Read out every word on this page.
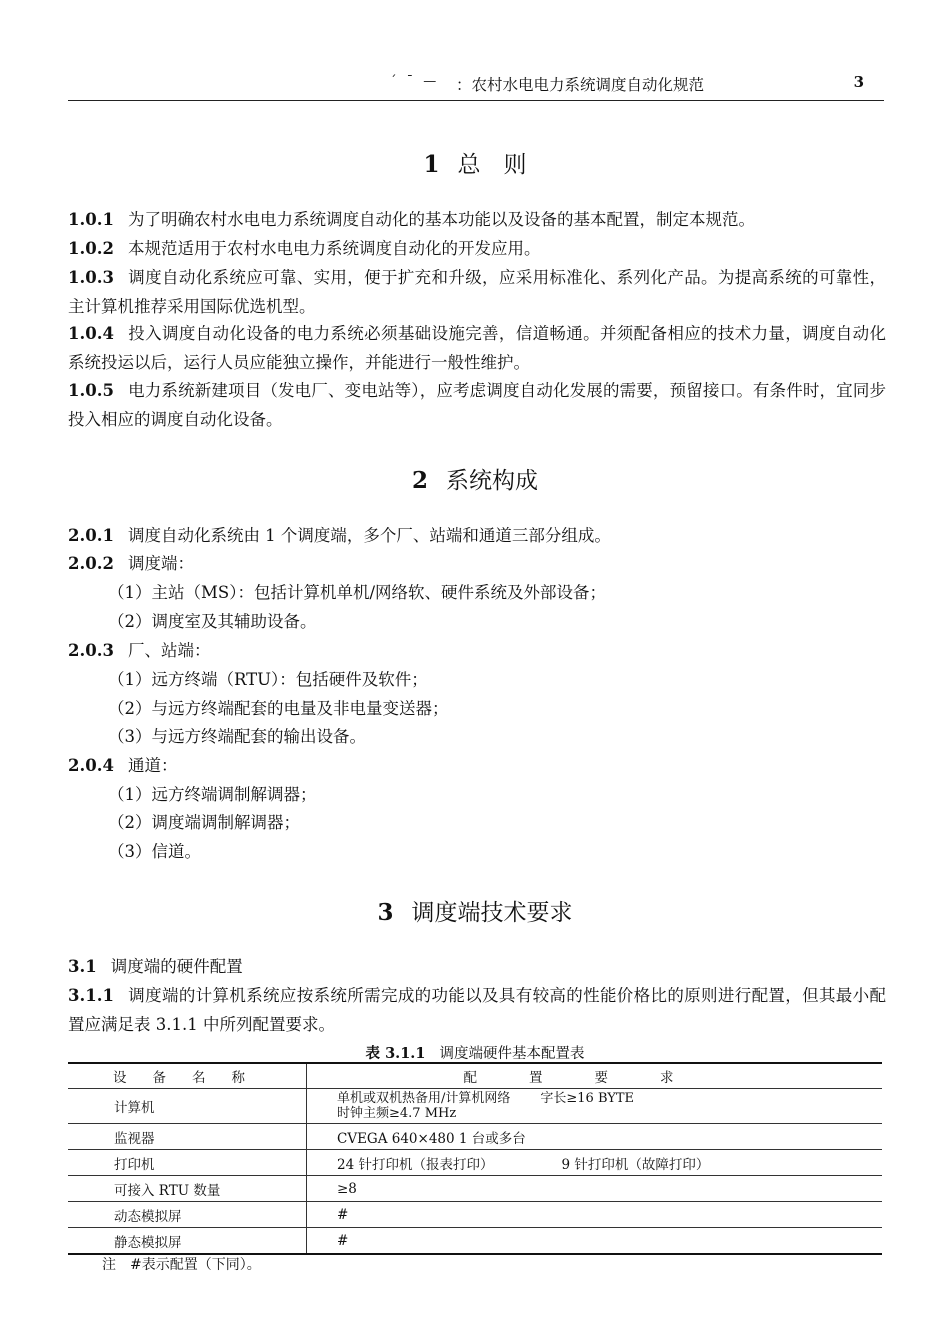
´ ¯ — ：农村水电电力系统调度自动化规范	3
1 总　则
1.0.1 为了明确农村水电电力系统调度自动化的基本功能以及设备的基本配置，制定本规范。
1.0.2 本规范适用于农村水电电力系统调度自动化的开发应用。
1.0.3 调度自动化系统应可靠、实用，便于扩充和升级，应采用标准化、系列化产品。为提高系统的可靠性，主计算机推荐采用国际优选机型。
1.0.4 投入调度自动化设备的电力系统必须基础设施完善，信道畅通。并须配备相应的技术力量，调度自动化系统投运以后，运行人员应能独立操作，并能进行一般性维护。
1.0.5 电力系统新建项目（发电厂、变电站等），应考虑调度自动化发展的需要，预留接口。有条件时，宜同步投入相应的调度自动化设备。
2 系统构成
2.0.1 调度自动化系统由 1 个调度端，多个厂、站端和通道三部分组成。
2.0.2 调度端：
（1）主站（MS）：包括计算机单机/网络软、硬件系统及外部设备；
（2）调度室及其辅助设备。
2.0.3 厂、站端：
（1）远方终端（RTU）：包括硬件及软件；
（2）与远方终端配套的电量及非电量变送器；
（3）与远方终端配套的输出设备。
2.0.4 通道：
（1）远方终端调制解调器；
（2）调度端调制解调器；
（3）信道。
3 调度端技术要求
3.1 调度端的硬件配置
3.1.1 调度端的计算机系统应按系统所需完成的功能以及具有较高的性能价格比的原则进行配置，但其最小配置应满足表 3.1.1 中所列配置要求。
表 3.1.1 调度端硬件基本配置表
设备名称	配置要求
计算机	单机或双机热备用/计算机网络 字长≥16 BYTE
时钟主频≥4.7 MHz
监视器	CVEGA 640×480 1 台或多台
打印机	24 针打印机（报表打印） 9 针打印机（故障打印）
可接入 RTU 数量	≥8
动态模拟屏	#
静态模拟屏	#
注 #表示配置（下同）。
